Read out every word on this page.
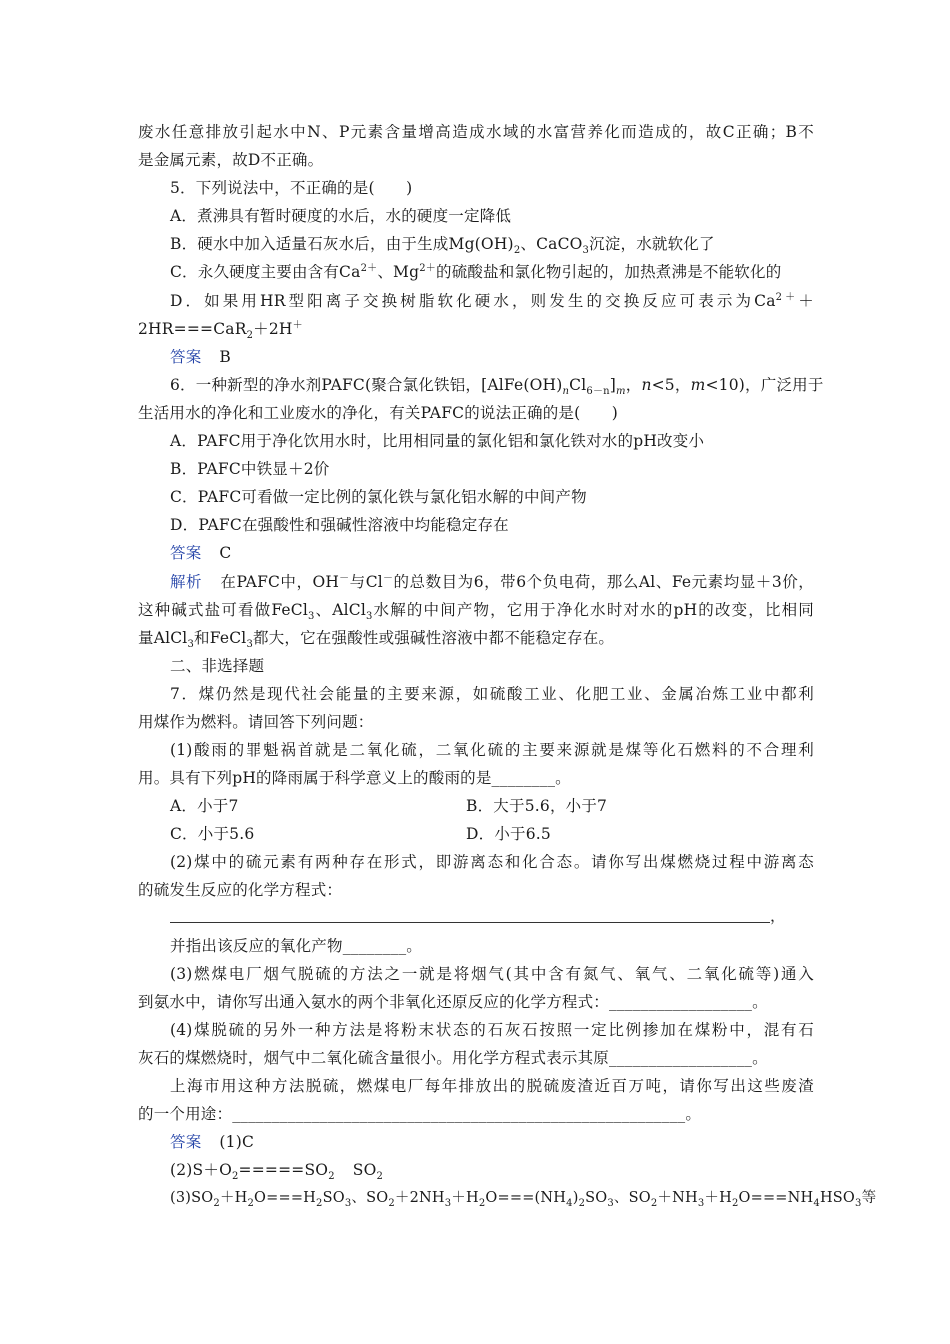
废水任意排放引起水中N、P元素含量增高造成水域的水富营养化而造成的，故C正确；B不
是金属元素，故D不正确。
5．下列说法中，不正确的是(　　)
A．煮沸具有暂时硬度的水后，水的硬度一定降低
B．硬水中加入适量石灰水后，由于生成$Mg(OH)_2$、CaCO$_3$沉淀，水就软化了
C．永久硬度主要由含有$Ca^{2+}$、$Mg^{2+}$的硫酸盐和氯化物引起的，加热煮沸是不能软化的
D．如果用HR型阳离子交换树脂软化硬水，则发生的交换反应可表示为$Ca^{2+}+$
2HR===CaR$_2$＋2H＋
答案 B
6．一种新型的净水剂PAFC(聚合氯化铁铝，$[AlFe(OH)_nCl_{6-n}]_m$，n<5，m<10)，广泛用于
生活用水的净化和工业废水的净化，有关PAFC的说法正确的是(　　)
A．PAFC用于净化饮用水时，比用相同量的氯化铝和氯化铁对水的pH改变小
B．PAFC中铁显＋2价
C．PAFC可看做一定比例的氯化铁与氯化铝水解的中间产物
D．PAFC在强酸性和强碱性溶液中均能稳定存在
答案 C
解析 在PAFC中，OH－与Cl－的总数目为6，带6个负电荷，那么Al、Fe元素均显＋3价，
这种碱式盐可看做FeCl$_3$、AlCl$_3$水解的中间产物，它用于净化水时对水的pH的改变，比相同
量AlCl$_3$和FeCl$_3$都大，它在强酸性或强碱性溶液中都不能稳定存在。
二、非选择题
7．煤仍然是现代社会能量的主要来源，如硫酸工业、化肥工业、金属冶炼工业中都利
用煤作为燃料。请回答下列问题：
(1)酸雨的罪魁祸首就是二氧化硫，二氧化硫的主要来源就是煤等化石燃料的不合理利
用。具有下列pH的降雨属于科学意义上的酸雨的是________。
A．小于7	B．大于5.6，小于7
C．小于5.6	D．小于6.5
(2)煤中的硫元素有两种存在形式，即游离态和化合态。请你写出煤燃烧过程中游离态
的硫发生反应的化学方程式：
，
并指出该反应的氧化产物________。
(3)燃煤电厂烟气脱硫的方法之一就是将烟气(其中含有氮气、氧气、二氧化硫等)通入
到氨水中，请你写出通入氨水的两个非氧化还原反应的化学方程式：__________________。
(4)煤脱硫的另外一种方法是将粉末状态的石灰石按照一定比例掺加在煤粉中，混有石
灰石的煤燃烧时，烟气中二氧化硫含量很小。用化学方程式表示其原__________________。
上海市用这种方法脱硫，燃煤电厂每年排放出的脱硫废渣近百万吨，请你写出这些废渣
的一个用途：_________________________________________________________。
答案 (1)C
$(2)S+O_2=====SO_2$ $SO_2$
$(3)SO_2+H_2O===H_2SO_3$、$SO_2+2NH_3+H_2O===(NH_4)_2SO_3$、$SO_2+NH_3+H_2O===NH_4HSO_3$等
